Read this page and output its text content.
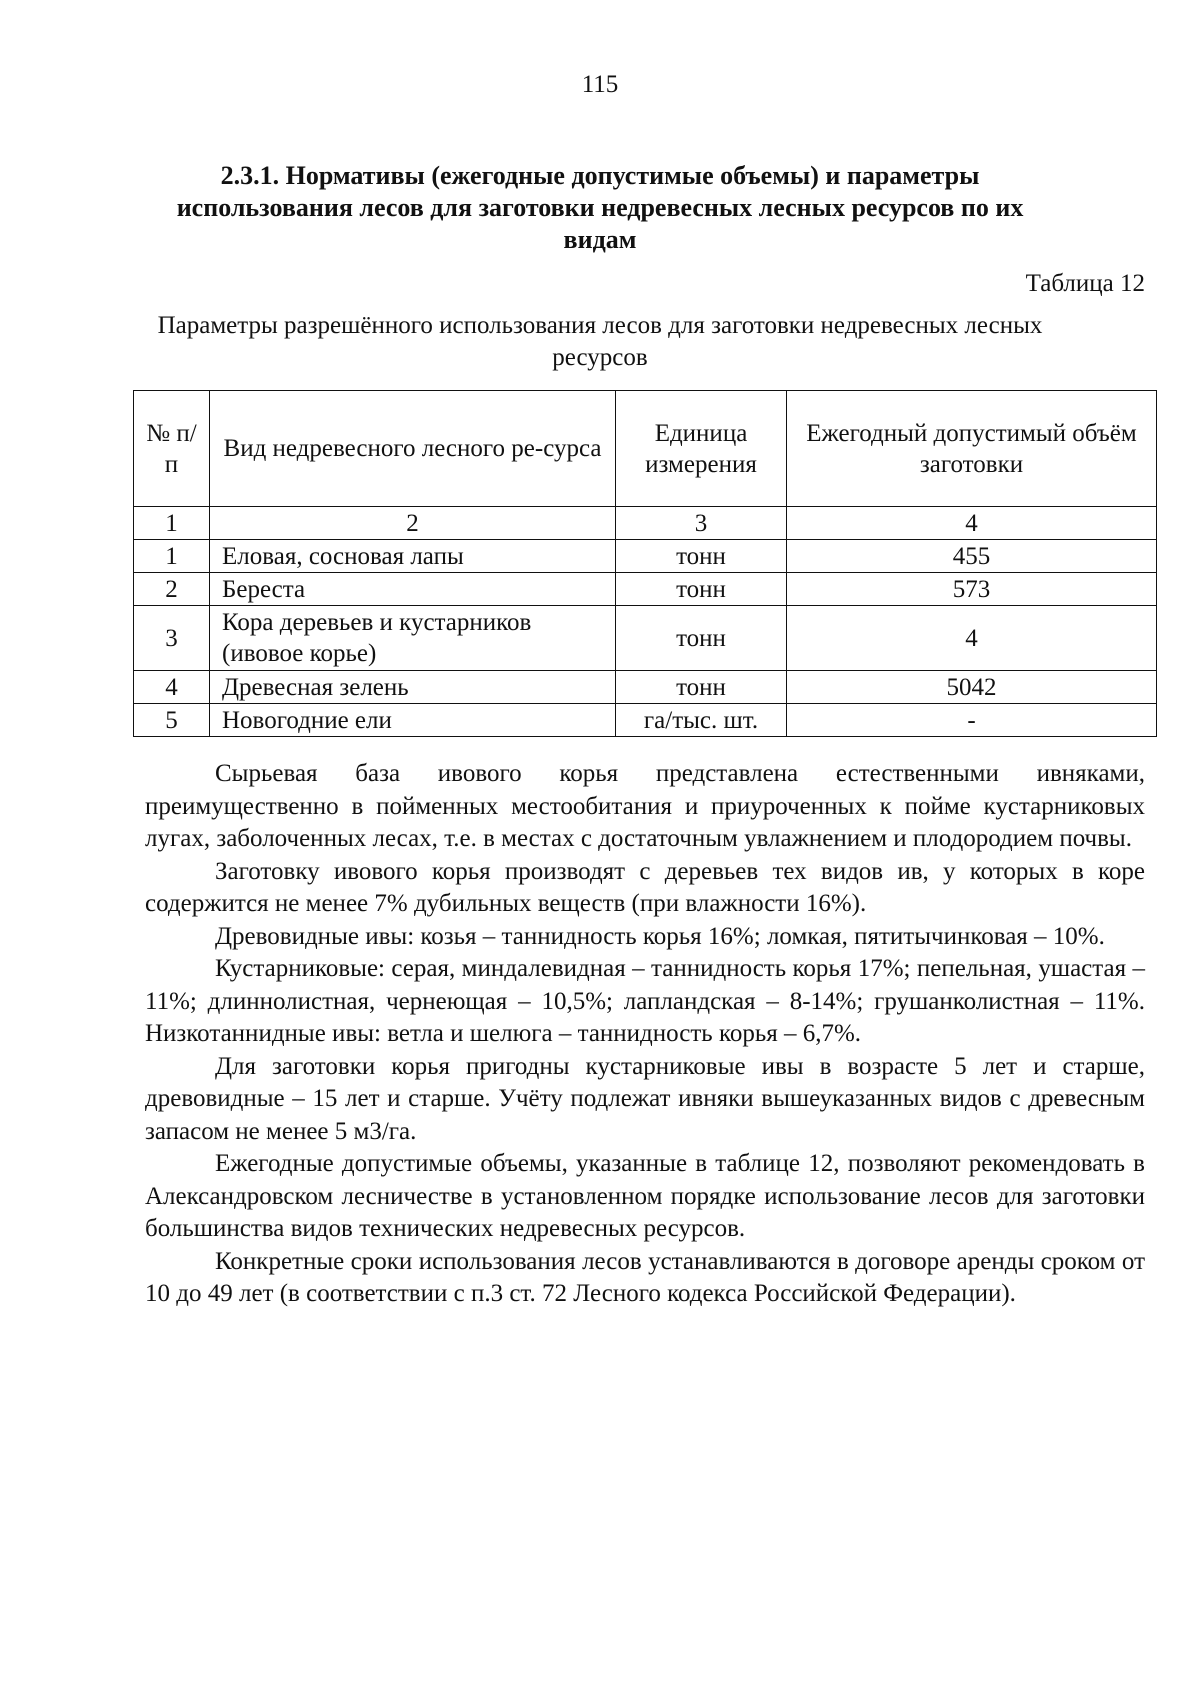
115
2.3.1. Нормативы (ежегодные допустимые объемы) и параметры использования лесов для заготовки недревесных лесных ресурсов по их видам
Таблица 12
Параметры разрешённого использования лесов для заготовки недревесных лесных ресурсов
№ п/п	Вид недревесного лесного ре-сурса	Единица измерения	Ежегодный допустимый объём заготовки
1	2	3	4
1	Еловая, сосновая лапы	тонн	455
2	Береста	тонн	573
3	Кора деревьев и кустарников (ивовое корье)	тонн	4
4	Древесная зелень	тонн	5042
5	Новогодние ели	га/тыс. шт.	-

Сырьевая база ивового корья представлена естественными ивняками, преимущественно в пойменных местообитания и приуроченных к пойме кустарниковых лугах, заболоченных лесах, т.е. в местах с достаточным увлажнением и плодородием почвы.

Заготовку ивового корья производят с деревьев тех видов ив, у которых в коре содержится не менее 7% дубильных веществ (при влажности 16%).

Древовидные ивы: козья – таннидность корья 16%; ломкая, пятитычинковая – 10%.

Кустарниковые: серая, миндалевидная – таннидность корья 17%; пепельная, ушастая – 11%; длиннолистная, чернеющая – 10,5%; лапландская – 8-14%; грушанколистная – 11%. Низкотаннидные ивы: ветла и шелюга – таннидность корья – 6,7%.

Для заготовки корья пригодны кустарниковые ивы в возрасте 5 лет и старше, древовидные – 15 лет и старше. Учёту подлежат ивняки вышеуказанных видов с древесным запасом не менее 5 м3/га.

Ежегодные допустимые объемы, указанные в таблице 12, позволяют рекомендовать в Александровском лесничестве в установленном порядке использование лесов для заготовки большинства видов технических недревесных ресурсов.

Конкретные сроки использования лесов устанавливаются в договоре аренды сроком от 10 до 49 лет (в соответствии с п.3 ст. 72 Лесного кодекса Российской Федерации).
